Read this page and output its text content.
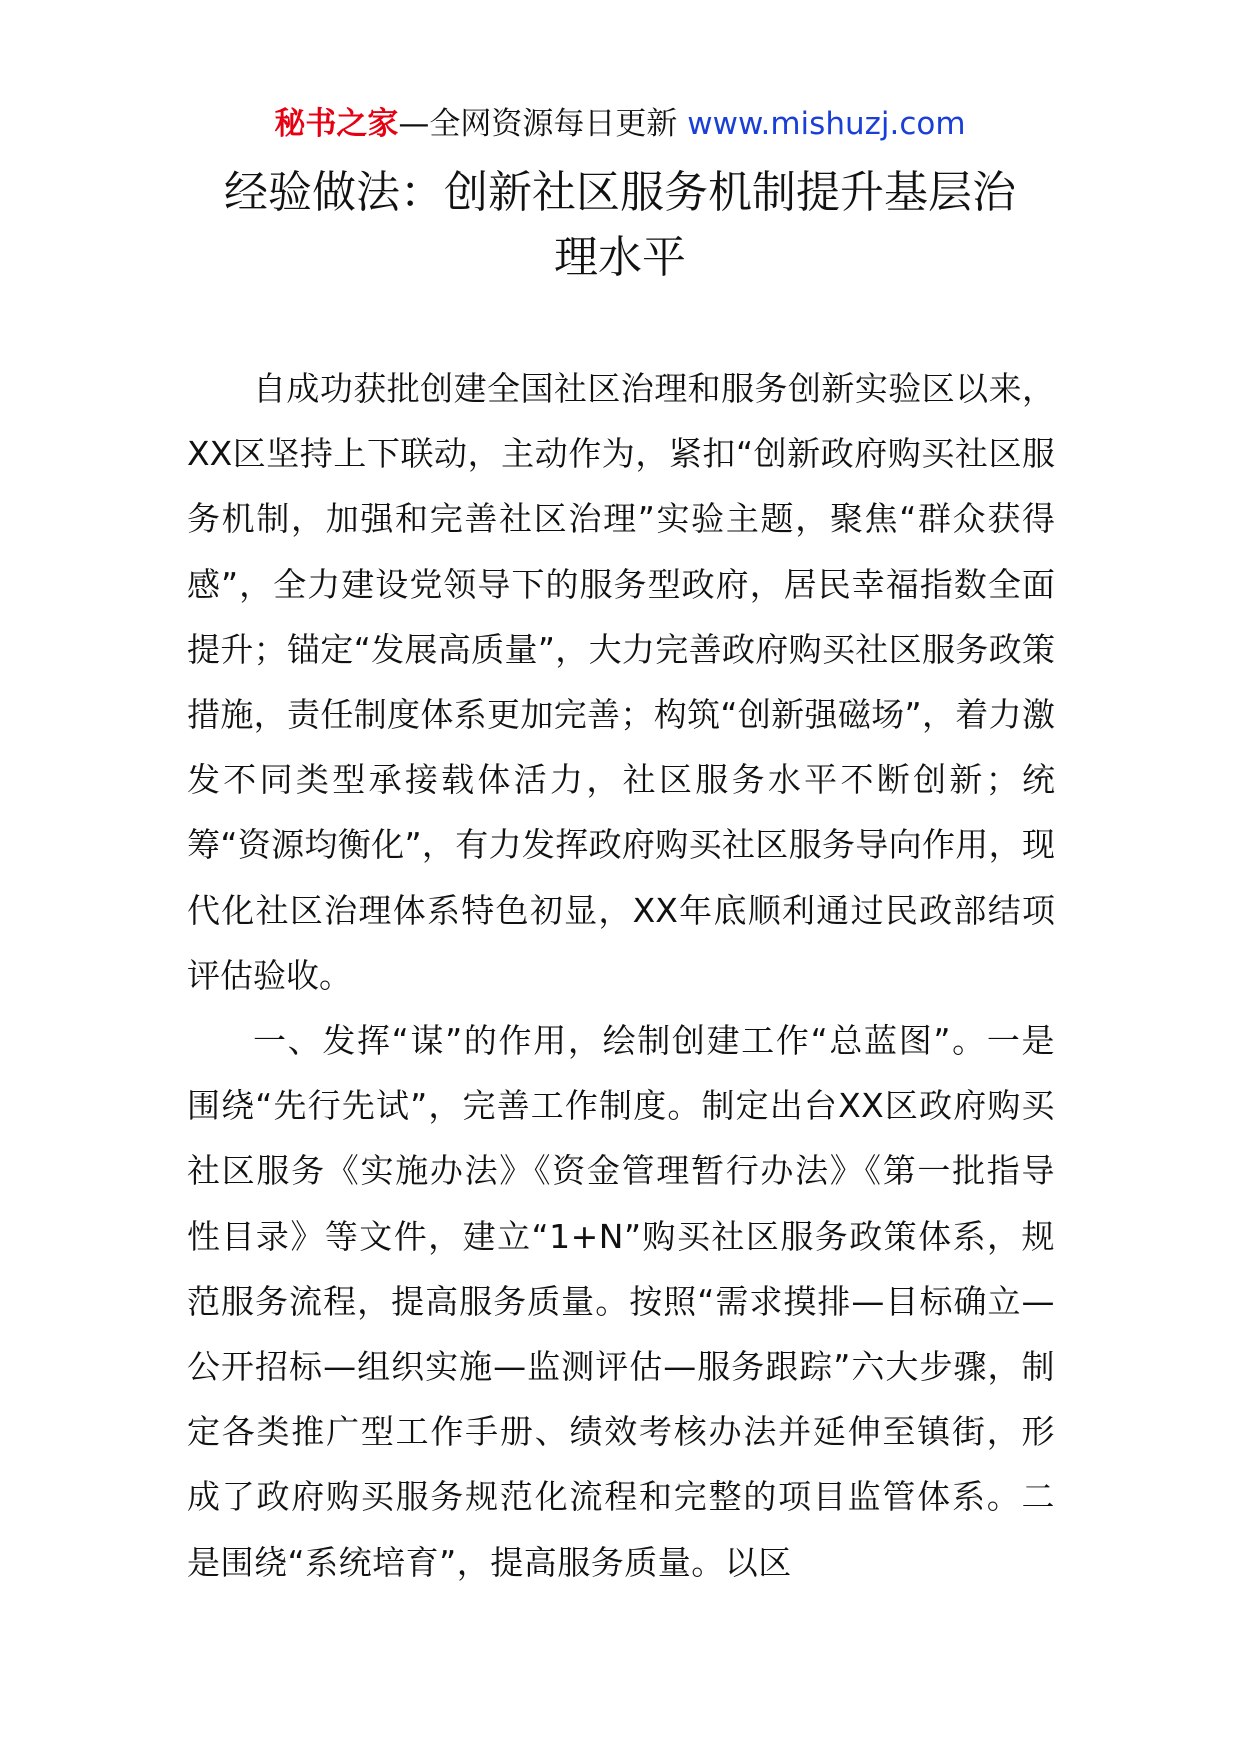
秘书之家—全网资源每日更新 www.mishuzj.com
经验做法：创新社区服务机制提升基层治
理水平

自成功获批创建全国社区治理和服务创新实验区以来，XX区坚持上下联动，主动作为，紧扣“创新政府购买社区服务机制，加强和完善社区治理”实验主题，聚焦“群众获得感”，全力建设党领导下的服务型政府，居民幸福指数全面提升；锚定“发展高质量”，大力完善政府购买社区服务政策措施，责任制度体系更加完善；构筑“创新强磁场”，着力激发不同类型承接载体活力，社区服务水平不断创新；统筹“资源均衡化”，有力发挥政府购买社区服务导向作用，现代化社区治理体系特色初显，XX年底顺利通过民政部结项评估验收。

一、发挥“谋”的作用，绘制创建工作“总蓝图”。一是围绕“先行先试”，完善工作制度。制定出台XX区政府购买社区服务《实施办法》《资金管理暂行办法》《第一批指导性目录》等文件，建立“1+N”购买社区服务政策体系，规范服务流程，提高服务质量。按照“需求摸排—目标确立—公开招标—组织实施—监测评估—服务跟踪”六大步骤，制定各类推广型工作手册、绩效考核办法并延伸至镇街，形成了政府购买服务规范化流程和完整的项目监管体系。二是围绕“系统培育”，提高服务质量。以区
